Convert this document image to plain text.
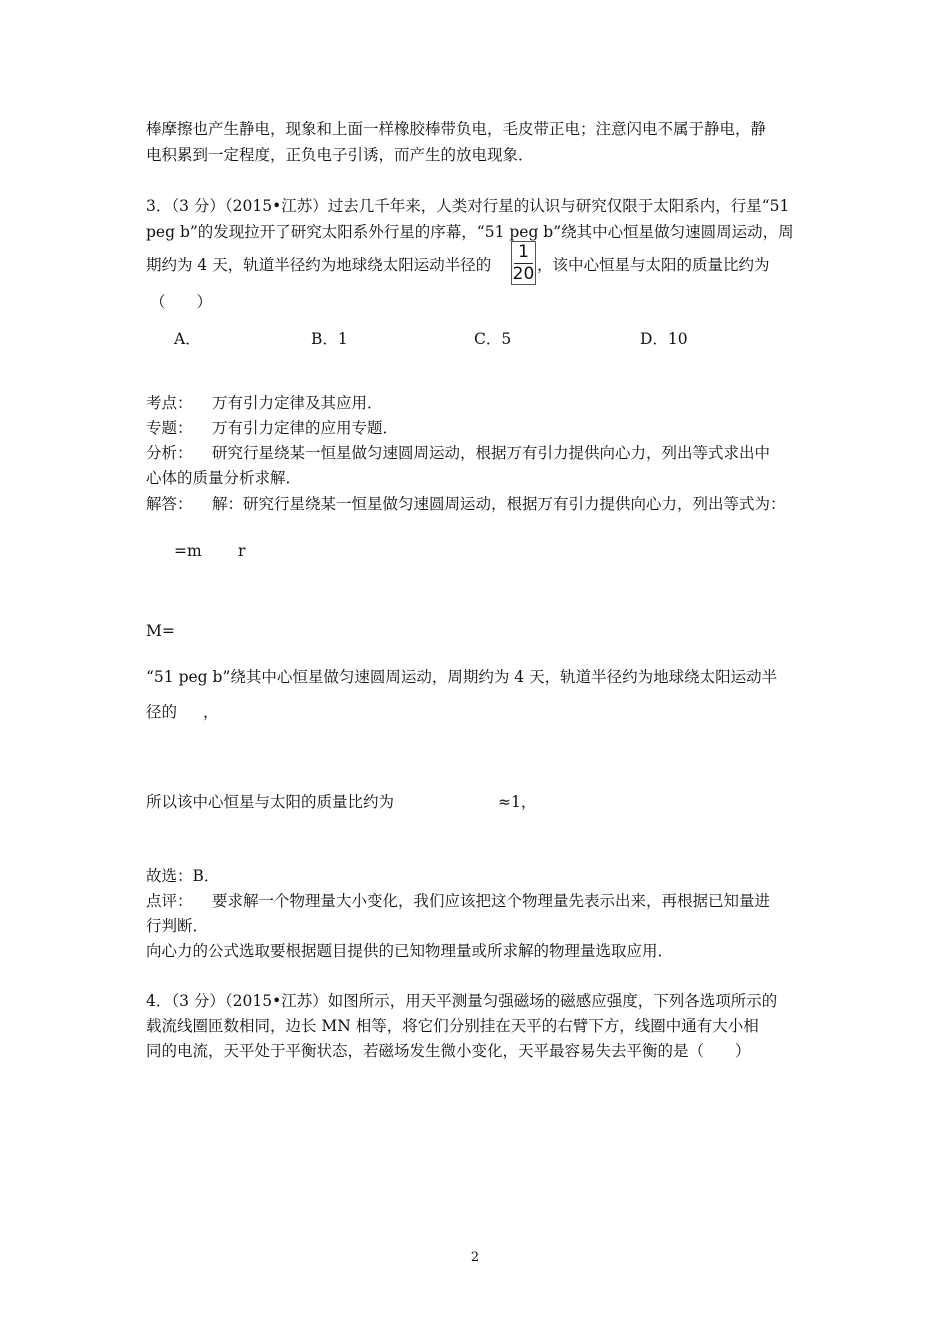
棒摩擦也产生静电，现象和上面一样橡胶棒带负电，毛皮带正电；注意闪电不属于静电，静
电积累到一定程度，正负电子引诱，而产生的放电现象．
3．（3 分）（2015•江苏）过去几千年来，人类对行星的认识与研究仅限于太阳系内，行星“51
peg b”的发现拉开了研究太阳系外行星的序幕，“51 peg b”绕其中心恒星做匀速圆周运动，周
期约为 4 天，轨道半径约为地球绕太阳运动半径的
1
20 ，该中心恒星与太阳的质量比约为
（　　）
A．	B．1	C．5	D．10
考点： 万有引力定律及其应用．
专题： 万有引力定律的应用专题．
分析： 研究行星绕某一恒星做匀速圆周运动，根据万有引力提供向心力，列出等式求出中
心体的质量分析求解．
解答： 解：研究行星绕某一恒星做匀速圆周运动，根据万有引力提供向心力，列出等式为：
=m r
M=
“51 peg b”绕其中心恒星做匀速圆周运动，周期约为 4 天，轨道半径约为地球绕太阳运动半
径的 ，
所以该中心恒星与太阳的质量比约为	≈1，
故选：B．
点评： 要求解一个物理量大小变化，我们应该把这个物理量先表示出来，再根据已知量进
行判断．
向心力的公式选取要根据题目提供的已知物理量或所求解的物理量选取应用．
4．（3 分）（2015•江苏）如图所示，用天平测量匀强磁场的磁感应强度，下列各选项所示的
载流线圈匝数相同，边长 MN 相等，将它们分别挂在天平的右臂下方，线圈中通有大小相
同的电流，天平处于平衡状态，若磁场发生微小变化，天平最容易失去平衡的是（　　）
2
